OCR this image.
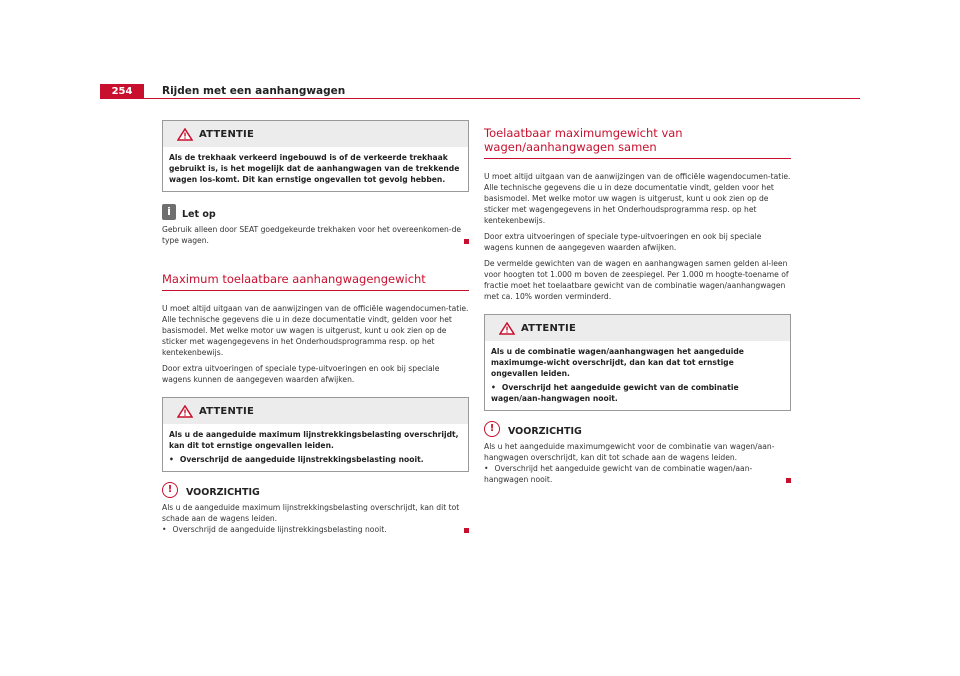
254	Rijden met een aanhangwagen
ATTENTIE

Als de trekhaak verkeerd ingebouwd is of de verkeerde trekhaak gebruikt is, is het mogelijk dat de aanhangwagen van de trekkende wagen los-komt. Dit kan ernstige ongevallen tot gevolg hebben.

i	Let op

Gebruik alleen door SEAT goedgekeurde trekhaken voor het overeenkomen-de type wagen.

Maximum toelaatbare aanhangwagengewicht

U moet altijd uitgaan van de aanwijzingen van de officiële wagendocumen-tatie. Alle technische gegevens die u in deze documentatie vindt, gelden voor het basismodel. Met welke motor uw wagen is uitgerust, kunt u ook zien op de sticker met wagengegevens in het Onderhoudsprogramma resp. op het kentekenbewijs.

Door extra uitvoeringen of speciale type-uitvoeringen en ook bij speciale wagens kunnen de aangegeven waarden afwijken.

ATTENTIE

Als u de aangeduide maximum lijnstrekkingsbelasting overschrijdt, kan dit tot ernstige ongevallen leiden.

• Overschrijd de aangeduide lijnstrekkingsbelasting nooit.

!	VOORZICHTIG

Als u de aangeduide maximum lijnstrekkingsbelasting overschrijdt, kan dit tot schade aan de wagens leiden.

• Overschrijd de aangeduide lijnstrekkingsbelasting nooit.

Toelaatbaar maximumgewicht van wagen/aanhangwagen samen

U moet altijd uitgaan van de aanwijzingen van de officiële wagendocumen-tatie. Alle technische gegevens die u in deze documentatie vindt, gelden voor het basismodel. Met welke motor uw wagen is uitgerust, kunt u ook zien op de sticker met wagengegevens in het Onderhoudsprogramma resp. op het kentekenbewijs.

Door extra uitvoeringen of speciale type-uitvoeringen en ook bij speciale wagens kunnen de aangegeven waarden afwijken.

De vermelde gewichten van de wagen en aanhangwagen samen gelden al-leen voor hoogten tot 1.000 m boven de zeespiegel. Per 1.000 m hoogte-toename of fractie moet het toelaatbare gewicht van de combinatie wagen/aanhangwagen met ca. 10% worden verminderd.

ATTENTIE

Als u de combinatie wagen/aanhangwagen het aangeduide maximumge-wicht overschrijdt, dan kan dat tot ernstige ongevallen leiden.

• Overschrijd het aangeduide gewicht van de combinatie wagen/aan-hangwagen nooit.

!	VOORZICHTIG

Als u het aangeduide maximumgewicht voor de combinatie van wagen/aan-hangwagen overschrijdt, kan dit tot schade aan de wagens leiden.

• Overschrijd het aangeduide gewicht van de combinatie wagen/aan-hangwagen nooit.
